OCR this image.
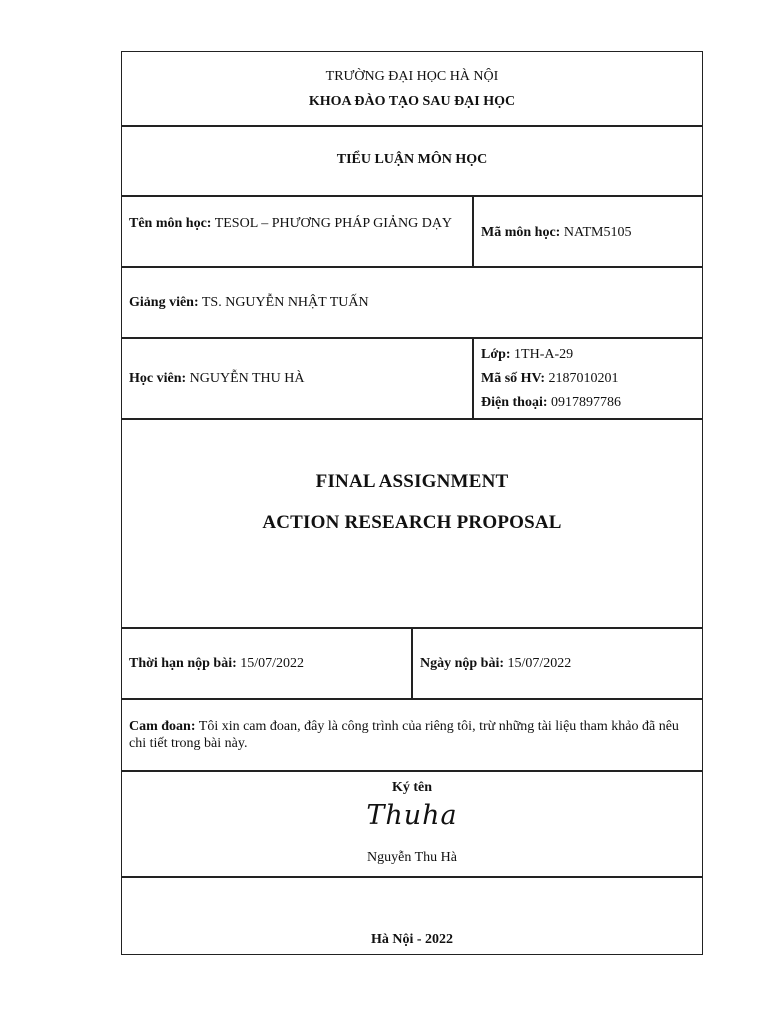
TRƯỜNG ĐẠI HỌC HÀ NỘI
KHOA ĐÀO TẠO SAU ĐẠI HỌC
TIỂU LUẬN MÔN HỌC
Tên môn học: TESOL – PHƯƠNG PHÁP GIẢNG DẠY
Mã môn học: NATM5105
Giảng viên: TS. NGUYỄN NHẬT TUẤN
Học viên: NGUYỄN THU HÀ
Lớp: 1TH-A-29
Mã số HV: 2187010201
Điện thoại: 0917897786
FINAL ASSIGNMENT
ACTION RESEARCH PROPOSAL
Thời hạn nộp bài: 15/07/2022	Ngày nộp bài: 15/07/2022
Cam đoan: Tôi xin cam đoan, đây là công trình của riêng tôi, trừ những tài liệu tham khảo đã nêu chi tiết trong bài này.
Ký tên
Thuha
Nguyễn Thu Hà
Hà Nội - 2022
